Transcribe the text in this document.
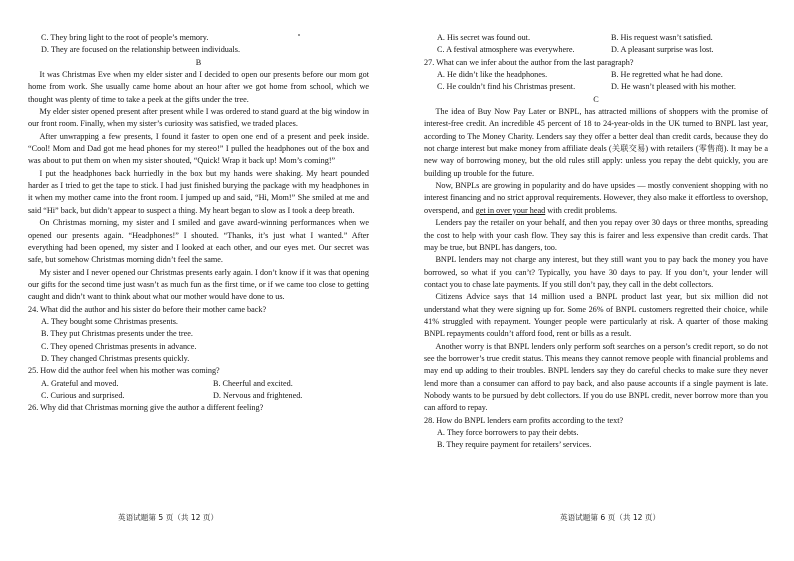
C. They bring light to the root of people’s memory.

D. They are focused on the relationship between individuals.

B

It was Christmas Eve when my elder sister and I decided to open our presents before our mom got home from work. She usually came home about an hour after we got home from school, which we thought was plenty of time to take a peek at the gifts under the tree.

My elder sister opened present after present while I was ordered to stand guard at the big window in our front room. Finally, when my sister’s curiosity was satisfied, we traded places.

After unwrapping a few presents, I found it faster to open one end of a present and peek inside. “Cool! Mom and Dad got me head phones for my stereo!” I pulled the headphones out of the box and was about to put them on when my sister shouted, “Quick! Wrap it back up! Mom’s coming!”

I put the headphones back hurriedly in the box but my hands were shaking. My heart pounded harder as I tried to get the tape to stick. I had just finished burying the package with my headphones in it when my mother came into the front room. I jumped up and said, “Hi, Mom!” She smiled at me and said “Hi” back, but didn’t appear to suspect a thing. My heart began to slow as I took a deep breath.

On Christmas morning, my sister and I smiled and gave award-winning performances when we opened our presents again. “Headphones!” I shouted. “Thanks, it’s just what I wanted.” After everything had been opened, my sister and I looked at each other, and our eyes met. Our secret was safe, but somehow Christmas morning didn’t feel the same.

My sister and I never opened our Christmas presents early again. I don’t know if it was that opening our gifts for the second time just wasn’t as much fun as the first time, or if we came too close to getting caught and didn’t want to think about what our mother would have done to us.

24. What did the author and his sister do before their mother came back?

A. They bought some Christmas presents.

B. They put Christmas presents under the tree.

C. They opened Christmas presents in advance.

D. They changed Christmas presents quickly.

25. How did the author feel when his mother was coming?

A. Grateful and moved.	B. Cheerful and excited.
C. Curious and surprised.	D. Nervous and frightened.

26. Why did that Christmas morning give the author a different feeling?

A. His secret was found out.	B. His request wasn’t satisfied.
C. A festival atmosphere was everywhere.	D. A pleasant surprise was lost.

27. What can we infer about the author from the last paragraph?

A. He didn’t like the headphones.	B. He regretted what he had done.
C. He couldn’t find his Christmas present.	D. He wasn’t pleased with his mother.

C

The idea of Buy Now Pay Later or BNPL, has attracted millions of shoppers with the promise of interest-free credit. An incredible 45 percent of 18 to 24-year-olds in the UK turned to BNPL last year, according to The Money Charity. Lenders say they offer a better deal than credit cards, because they do not charge interest but make money from affiliate deals (关联交易) with retailers (零售商). It may be a new way of borrowing money, but the old rules still apply: unless you repay the debt quickly, you are building up trouble for the future.

Now, BNPLs are growing in popularity and do have upsides — mostly convenient shopping with no interest financing and no strict approval requirements. However, they also make it effortless to overshop, overspend, and get in over your head with credit problems.

Lenders pay the retailer on your behalf, and then you repay over 30 days or three months, spreading the cost to help with your cash flow. They say this is fairer and less expensive than credit cards. That may be true, but BNPL has dangers, too.

BNPL lenders may not charge any interest, but they still want you to pay back the money you have borrowed, so what if you can’t? Typically, you have 30 days to pay. If you don’t, your lender will contact you to chase late payments. If you still don’t pay, they call in the debt collectors.

Citizens Advice says that 14 million used a BNPL product last year, but six million did not understand what they were signing up for. Some 26% of BNPL customers regretted their choice, while 41% struggled with repayment. Younger people were particularly at risk. A quarter of those making BNPL repayments couldn’t afford food, rent or bills as a result.

Another worry is that BNPL lenders only perform soft searches on a person’s credit report, so do not see the borrower’s true credit status. This means they cannot remove people with financial problems and may end up adding to their troubles. BNPL lenders say they do careful checks to make sure they never lend more than a consumer can afford to pay back, and also pause accounts if a single payment is late. Nobody wants to be pursued by debt collectors. If you do use BNPL credit, never borrow more than you can afford to repay.

28. How do BNPL lenders earn profits according to the text?

A. They force borrowers to pay their debts.

B. They require payment for retailers’ services.

英语试题第 5 页（共 12 页）	英语试题第 6 页（共 12 页）
